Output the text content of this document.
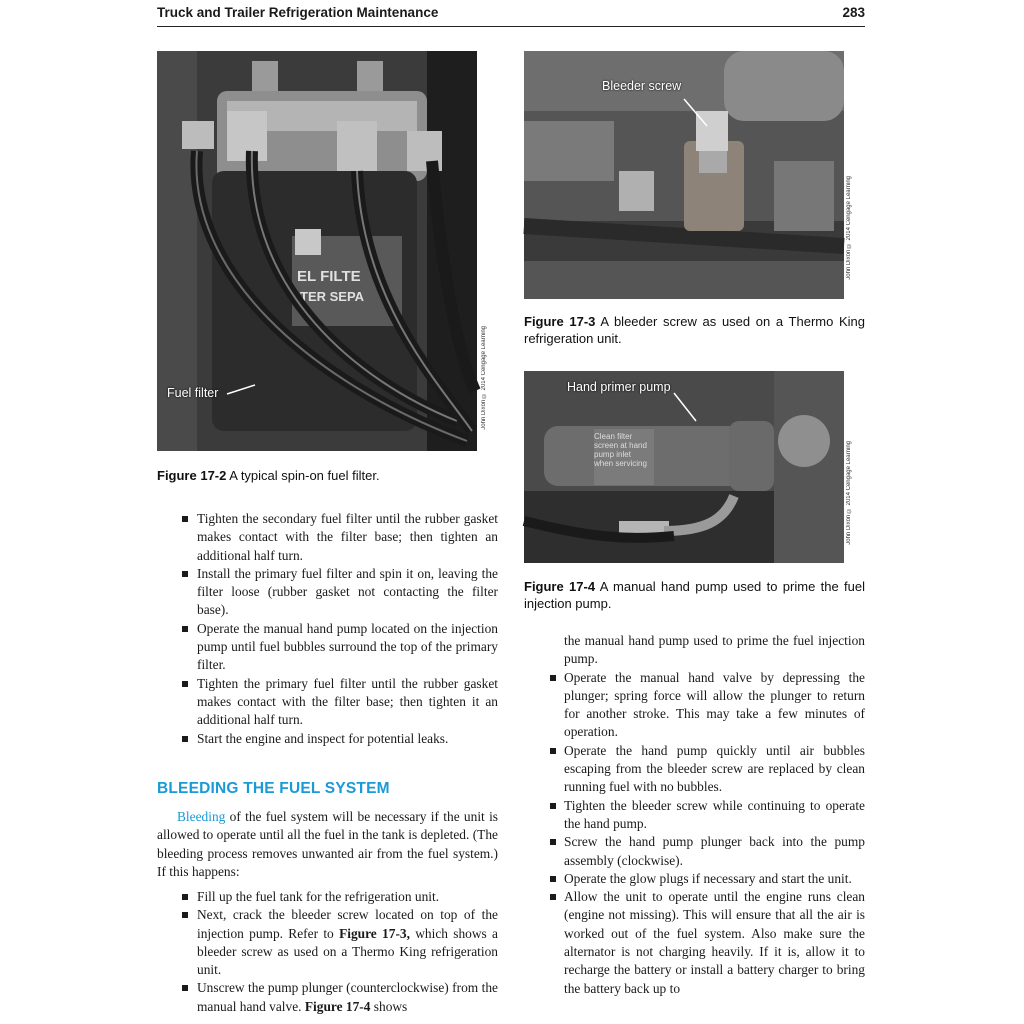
Truck and Trailer Refrigeration Maintenance	283
EL FILTE
TER SEPA
Fuel filter	John Dixon © 2014 Cengage Learning
Figure 17-2 A typical spin-on fuel filter.
Bleeder screw
John Dixon © 2014 Cengage Learning
Figure 17-3 A bleeder screw as used on a Thermo King refrigeration unit.
Hand primer pump
Clean filter screen at hand pump inlet when servicing	John Dixon © 2014 Cengage Learning
Figure 17-4 A manual hand pump used to prime the fuel injection pump.
Tighten the secondary fuel filter until the rubber gasket makes contact with the filter base; then tighten an additional half turn.
Install the primary fuel filter and spin it on, leaving the filter loose (rubber gasket not contacting the filter base).
Operate the manual hand pump located on the injection pump until fuel bubbles surround the top of the primary filter.
Tighten the primary fuel filter until the rubber gasket makes contact with the filter base; then tighten it an additional half turn.
Start the engine and inspect for potential leaks.
BLEEDING THE FUEL SYSTEM

Bleeding of the fuel system will be necessary if the unit is allowed to operate until all the fuel in the tank is depleted. (The bleeding process removes unwanted air from the fuel system.) If this happens:

Fill up the fuel tank for the refrigeration unit.
Next, crack the bleeder screw located on top of the injection pump. Refer to Figure 17-3, which shows a bleeder screw as used on a Thermo King refrigeration unit.
Unscrew the pump plunger (counterclockwise) from the manual hand valve. Figure 17-4 shows
the manual hand pump used to prime the fuel injection pump.
Operate the manual hand valve by depressing the plunger; spring force will allow the plunger to return for another stroke. This may take a few minutes of operation.
Operate the hand pump quickly until air bubbles escaping from the bleeder screw are replaced by clean running fuel with no bubbles.
Tighten the bleeder screw while continuing to operate the hand pump.
Screw the hand pump plunger back into the pump assembly (clockwise).
Operate the glow plugs if necessary and start the unit.
Allow the unit to operate until the engine runs clean (engine not missing). This will ensure that all the air is worked out of the fuel system. Also make sure the alternator is not charging heavily. If it is, allow it to recharge the battery or install a battery charger to bring the battery back up to
